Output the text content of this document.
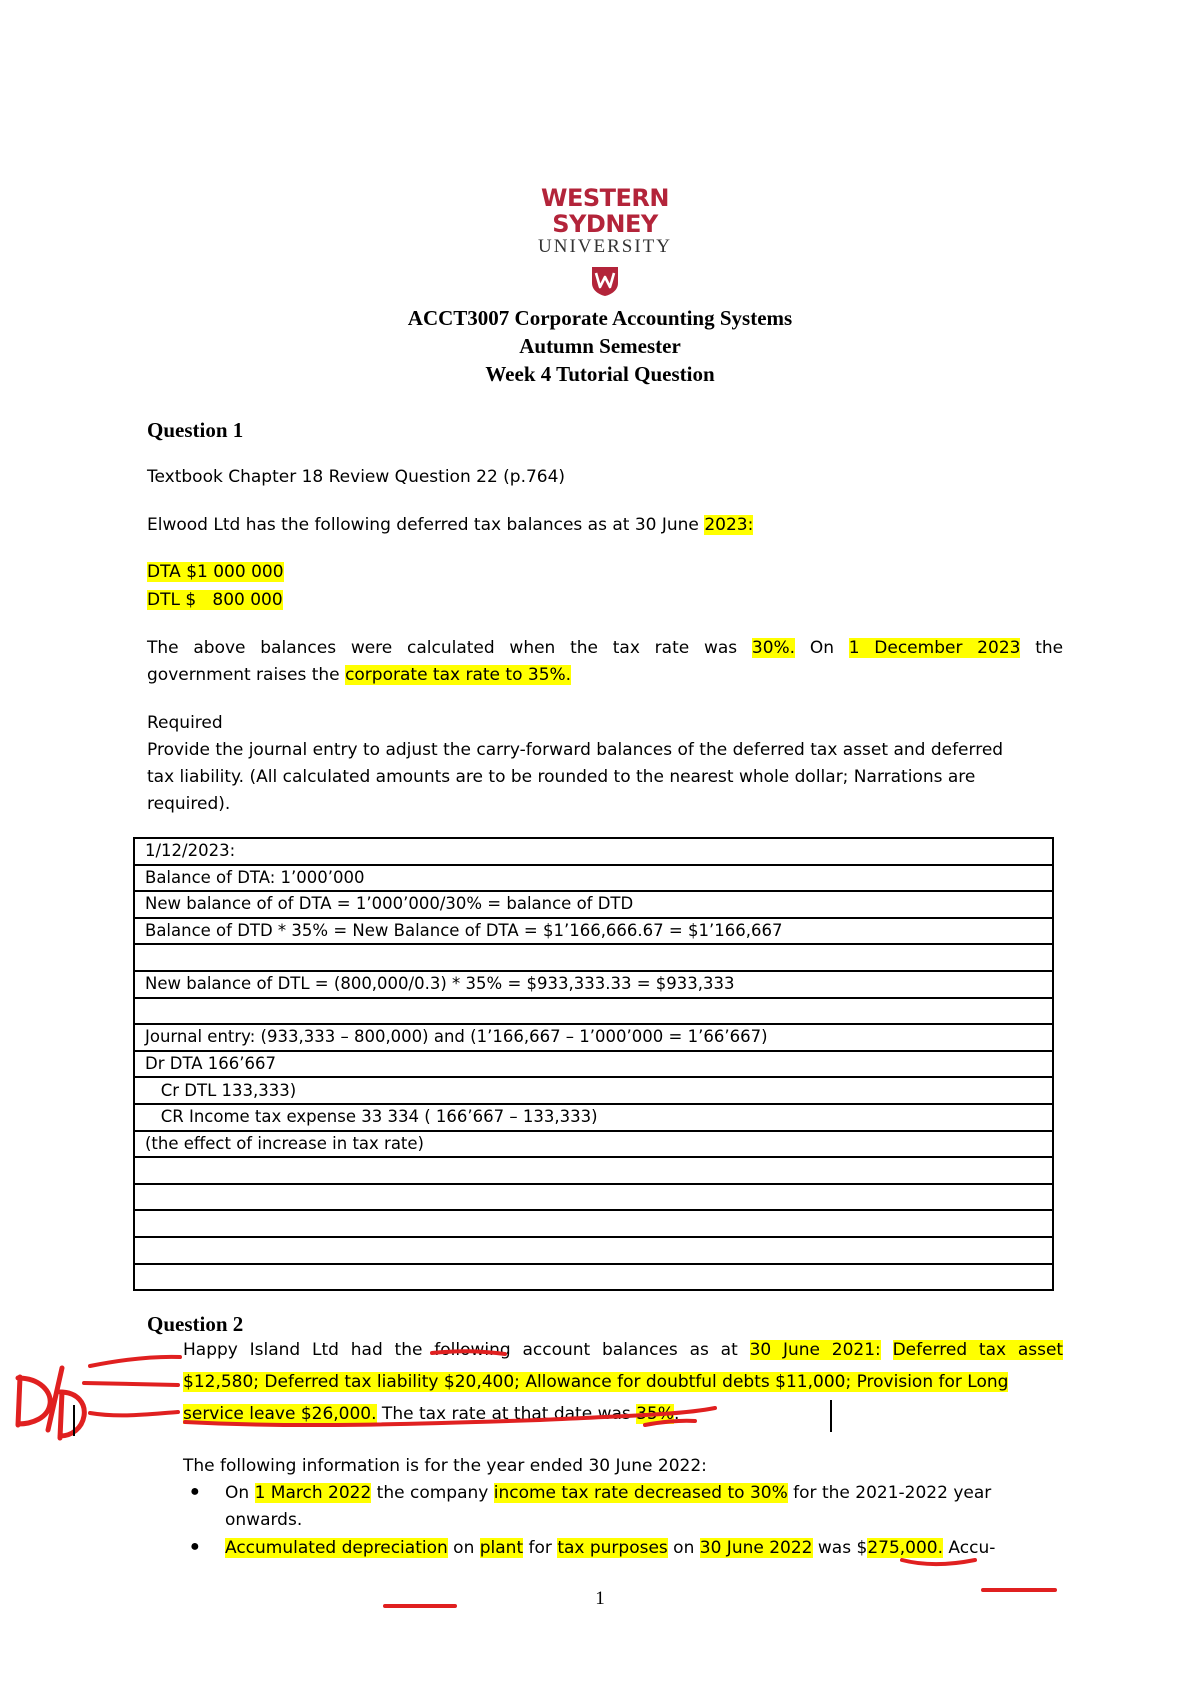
WESTERN SYDNEY
UNIVERSITY
ACCT3007 Corporate Accounting Systems
Autumn Semester
Week 4 Tutorial Question
Question 1
Textbook Chapter 18 Review Question 22 (p.764)
Elwood Ltd has the following deferred tax balances as at 30 June 2023:
DTA $1 000 000
DTL $   800 000
The above balances were calculated when the tax rate was 30%. On 1 December 2023 the
government raises the corporate tax rate to 35%.
Required
Provide the journal entry to adjust the carry-forward balances of the deferred tax asset and deferred
tax liability. (All calculated amounts are to be rounded to the nearest whole dollar; Narrations are
required).
1/12/2023:
Balance of DTA: 1’000’000
New balance of of DTA = 1’000’000/30% = balance of DTD
Balance of DTD * 35% = New Balance of DTA = $1’166,666.67 = $1’166,667

New balance of DTL = (800,000/0.3) * 35% = $933,333.33 = $933,333

Journal entry: (933,333 – 800,000) and (1’166,667 – 1’000’000 = 1’66’667)
Dr DTA 166’667
Cr DTL 133,333)
CR Income tax expense 33 334 ( 166’667 – 133,333)
(the effect of increase in tax rate)

Question 2
Happy Island Ltd had the following account balances as at 30 June 2021: Deferred tax asset
$12,580; Deferred tax liability $20,400; Allowance for doubtful debts $11,000; Provision for Long
service leave $26,000. The tax rate at that date was 35%.
The following information is for the year ended 30 June 2022:
● On 1 March 2022 the company income tax rate decreased to 30% for the 2021-2022 year
onwards.
● Accumulated depreciation on plant for tax purposes on 30 June 2022 was $275,000. Accu-
1
D/D
